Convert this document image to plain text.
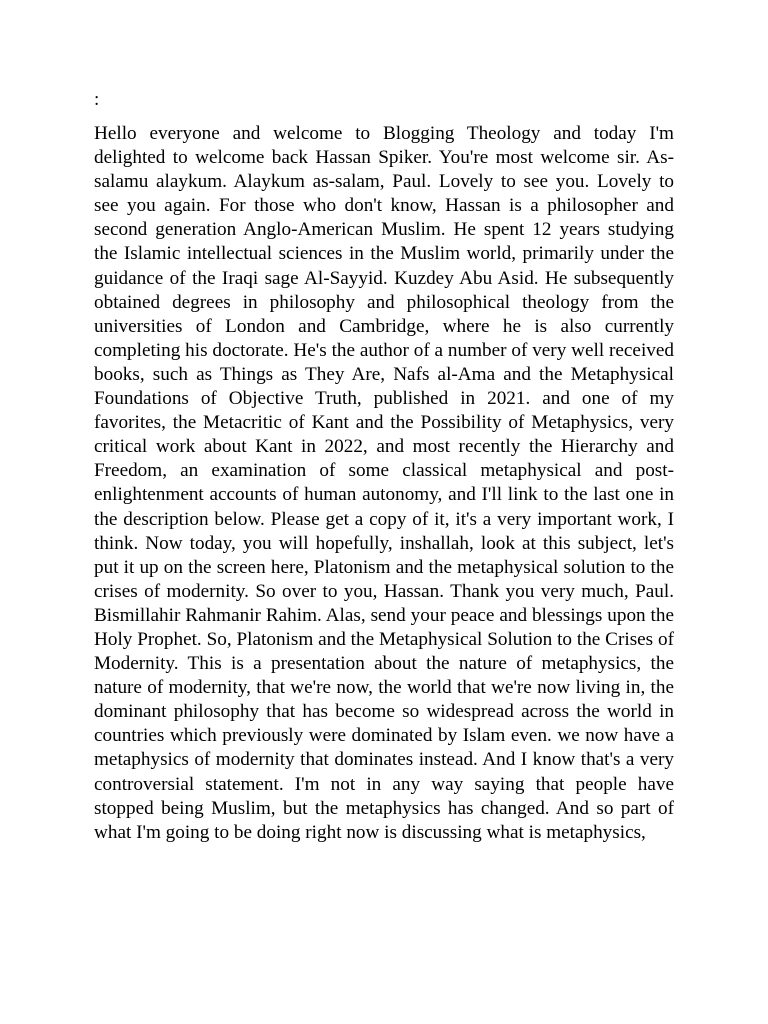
:

Hello everyone and welcome to Blogging Theology and today I'm delighted to welcome back Hassan Spiker. You're most welcome sir. As-salamu alaykum. Alaykum as-salam, Paul. Lovely to see you. Lovely to see you again. For those who don't know, Hassan is a philosopher and second generation Anglo-American Muslim. He spent 12 years studying the Islamic intellectual sciences in the Muslim world, primarily under the guidance of the Iraqi sage Al-Sayyid. Kuzdey Abu Asid. He subsequently obtained degrees in philosophy and philosophical theology from the universities of London and Cambridge, where he is also currently completing his doctorate. He's the author of a number of very well received books, such as Things as They Are, Nafs al-Ama and the Metaphysical Foundations of Objective Truth, published in 2021. and one of my favorites, the Metacritic of Kant and the Possibility of Metaphysics, very critical work about Kant in 2022, and most recently the Hierarchy and Freedom, an examination of some classical metaphysical and post-enlightenment accounts of human autonomy, and I'll link to the last one in the description below. Please get a copy of it, it's a very important work, I think. Now today, you will hopefully, inshallah, look at this subject, let's put it up on the screen here, Platonism and the metaphysical solution to the crises of modernity. So over to you, Hassan. Thank you very much, Paul. Bismillahir Rahmanir Rahim. Alas, send your peace and blessings upon the Holy Prophet. So, Platonism and the Metaphysical Solution to the Crises of Modernity. This is a presentation about the nature of metaphysics, the nature of modernity, that we're now, the world that we're now living in, the dominant philosophy that has become so widespread across the world in countries which previously were dominated by Islam even. we now have a metaphysics of modernity that dominates instead. And I know that's a very controversial statement. I'm not in any way saying that people have stopped being Muslim, but the metaphysics has changed. And so part of what I'm going to be doing right now is discussing what is metaphysics,
